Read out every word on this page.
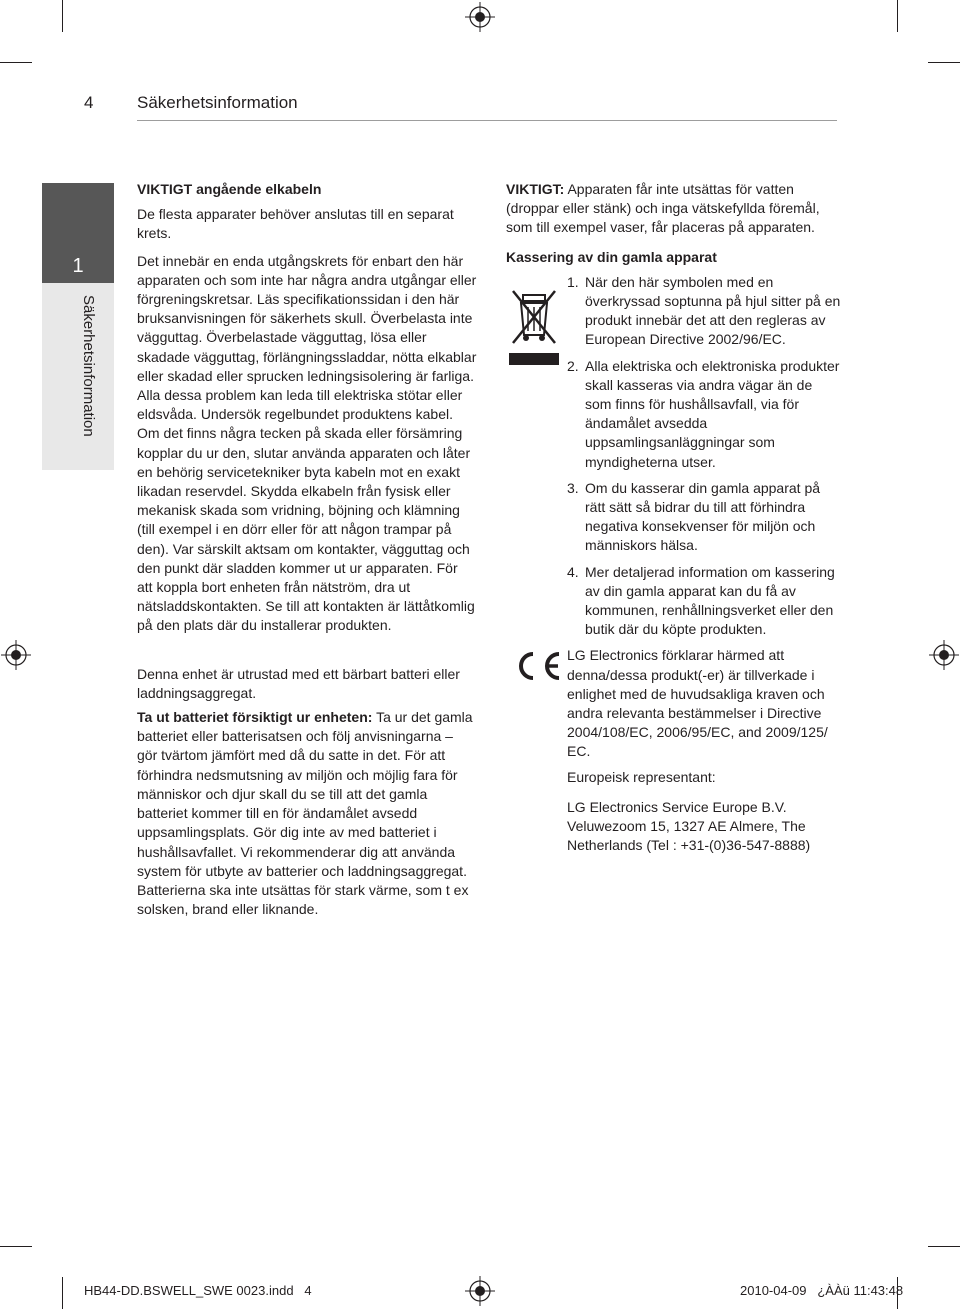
4	Säkerhetsinformation
1
Säkerhetsinformation

VIKTIGT angående elkabeln

De flesta apparater behöver anslutas till en separat krets.

Det innebär en enda utgångskrets för enbart den här apparaten och som inte har några andra utgångar eller förgreningskretsar. Läs specifikationssidan i den här bruksanvisningen för säkerhets skull. Överbelasta inte vägguttag. Överbelastade vägguttag, lösa eller skadade vägguttag, förlängningssladdar, nötta elkablar eller skadad eller sprucken ledningsisolering är farliga. Alla dessa problem kan leda till elektriska stötar eller eldsvåda. Undersök regelbundet produktens kabel. Om det finns några tecken på skada eller försämring kopplar du ur den, slutar använda apparaten och låter en behörig servicetekniker byta kabeln mot en exakt likadan reservdel. Skydda elkabeln från fysisk eller mekanisk skada som vridning, böjning och klämning (till exempel i en dörr eller för att någon trampar på den). Var särskilt aktsam om kontakter, vägguttag och den punkt där sladden kommer ut ur apparaten. För att koppla bort enheten från nätström, dra ut nätsladdskontakten. Se till att kontakten är lättåtkomlig på den plats där du installerar produkten.

Denna enhet är utrustad med ett bärbart batteri eller laddningsaggregat.

Ta ut batteriet försiktigt ur enheten: Ta ur det gamla batteriet eller batterisatsen och följ anvisningarna – gör tvärtom jämfört med då du satte in det. För att förhindra nedsmutsning av miljön och möjlig fara för människor och djur skall du se till att det gamla batteriet kommer till en för ändamålet avsedd uppsamlingsplats. Gör dig inte av med batteriet i hushållsavfallet. Vi rekommenderar dig att använda system för utbyte av batterier och laddningsaggregat. Batterierna ska inte utsättas för stark värme, som t ex solsken, brand eller liknande.

VIKTIGT: Apparaten får inte utsättas för vatten (droppar eller stänk) och inga vätskefyllda föremål, som till exempel vaser, får placeras på apparaten.

Kassering av din gamla apparat

1. När den här symbolen med en överkryssad soptunna på hjul sitter på en produkt innebär det att den regleras av European Directive 2002/96/EC.
2. Alla elektriska och elektroniska produkter skall kasseras via andra vägar än de som finns för hushållsavfall, via för ändamålet avsedda uppsamlingsanläggningar som myndigheterna utser.
3. Om du kasserar din gamla apparat på rätt sätt så bidrar du till att förhindra negativa konsekvenser för miljön och människors hälsa.
4. Mer detaljerad information om kassering av din gamla apparat kan du få av kommunen, renhållningsverket eller den butik där du köpte produkten.

LG Electronics förklarar härmed att denna/dessa produkt(-er) är tillverkade i enlighet med de huvudsakliga kraven och andra relevanta bestämmelser i Directive 2004/108/EC, 2006/95/EC, and 2009/125/ EC.

Europeisk representant:

LG Electronics Service Europe B.V. Veluwezoom 15, 1327 AE Almere, The Netherlands (Tel : +31-(0)36-547-8888)

HB44-DD.BSWELL_SWE 0023.indd 4	2010-04-09 ¿ÀÀü 11:43:48
